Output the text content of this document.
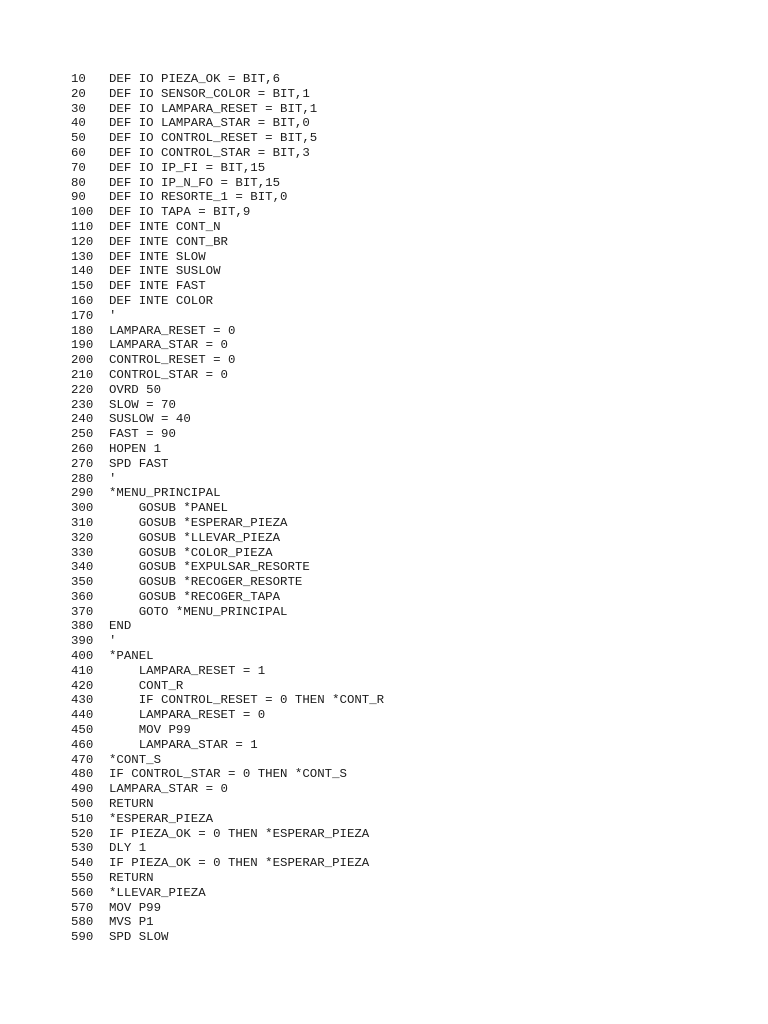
10	DEF IO PIEZA_OK = BIT,6
20	DEF IO SENSOR_COLOR = BIT,1
30	DEF IO LAMPARA_RESET = BIT,1
40	DEF IO LAMPARA_STAR = BIT,0
50	DEF IO CONTROL_RESET = BIT,5
60	DEF IO CONTROL_STAR = BIT,3
70	DEF IO IP_FI = BIT,15
80	DEF IO IP_N_FO = BIT,15
90	DEF IO RESORTE_1 = BIT,0
100	DEF IO TAPA = BIT,9
110	DEF INTE CONT_N
120	DEF INTE CONT_BR
130	DEF INTE SLOW
140	DEF INTE SUSLOW
150	DEF INTE FAST
160	DEF INTE COLOR
170	'
180	LAMPARA_RESET = 0
190	LAMPARA_STAR = 0
200	CONTROL_RESET = 0
210	CONTROL_STAR = 0
220	OVRD 50
230	SLOW = 70
240	SUSLOW = 40
250	FAST = 90
260	HOPEN 1
270	SPD FAST
280	'
290	*MENU_PRINCIPAL
300	GOSUB *PANEL
310	GOSUB *ESPERAR_PIEZA
320	GOSUB *LLEVAR_PIEZA
330	GOSUB *COLOR_PIEZA
340	GOSUB *EXPULSAR_RESORTE
350	GOSUB *RECOGER_RESORTE
360	GOSUB *RECOGER_TAPA
370	GOTO *MENU_PRINCIPAL
380	END
390	'
400	*PANEL
410	LAMPARA_RESET = 1
420	CONT_R
430	IF CONTROL_RESET = 0 THEN *CONT_R
440	LAMPARA_RESET = 0
450	MOV P99
460	LAMPARA_STAR = 1
470	*CONT_S
480	IF CONTROL_STAR = 0 THEN *CONT_S
490	LAMPARA_STAR = 0
500	RETURN
510	*ESPERAR_PIEZA
520	IF PIEZA_OK = 0 THEN *ESPERAR_PIEZA
530	DLY 1
540	IF PIEZA_OK = 0 THEN *ESPERAR_PIEZA
550	RETURN
560	*LLEVAR_PIEZA
570	MOV P99
580	MVS P1
590	SPD SLOW
